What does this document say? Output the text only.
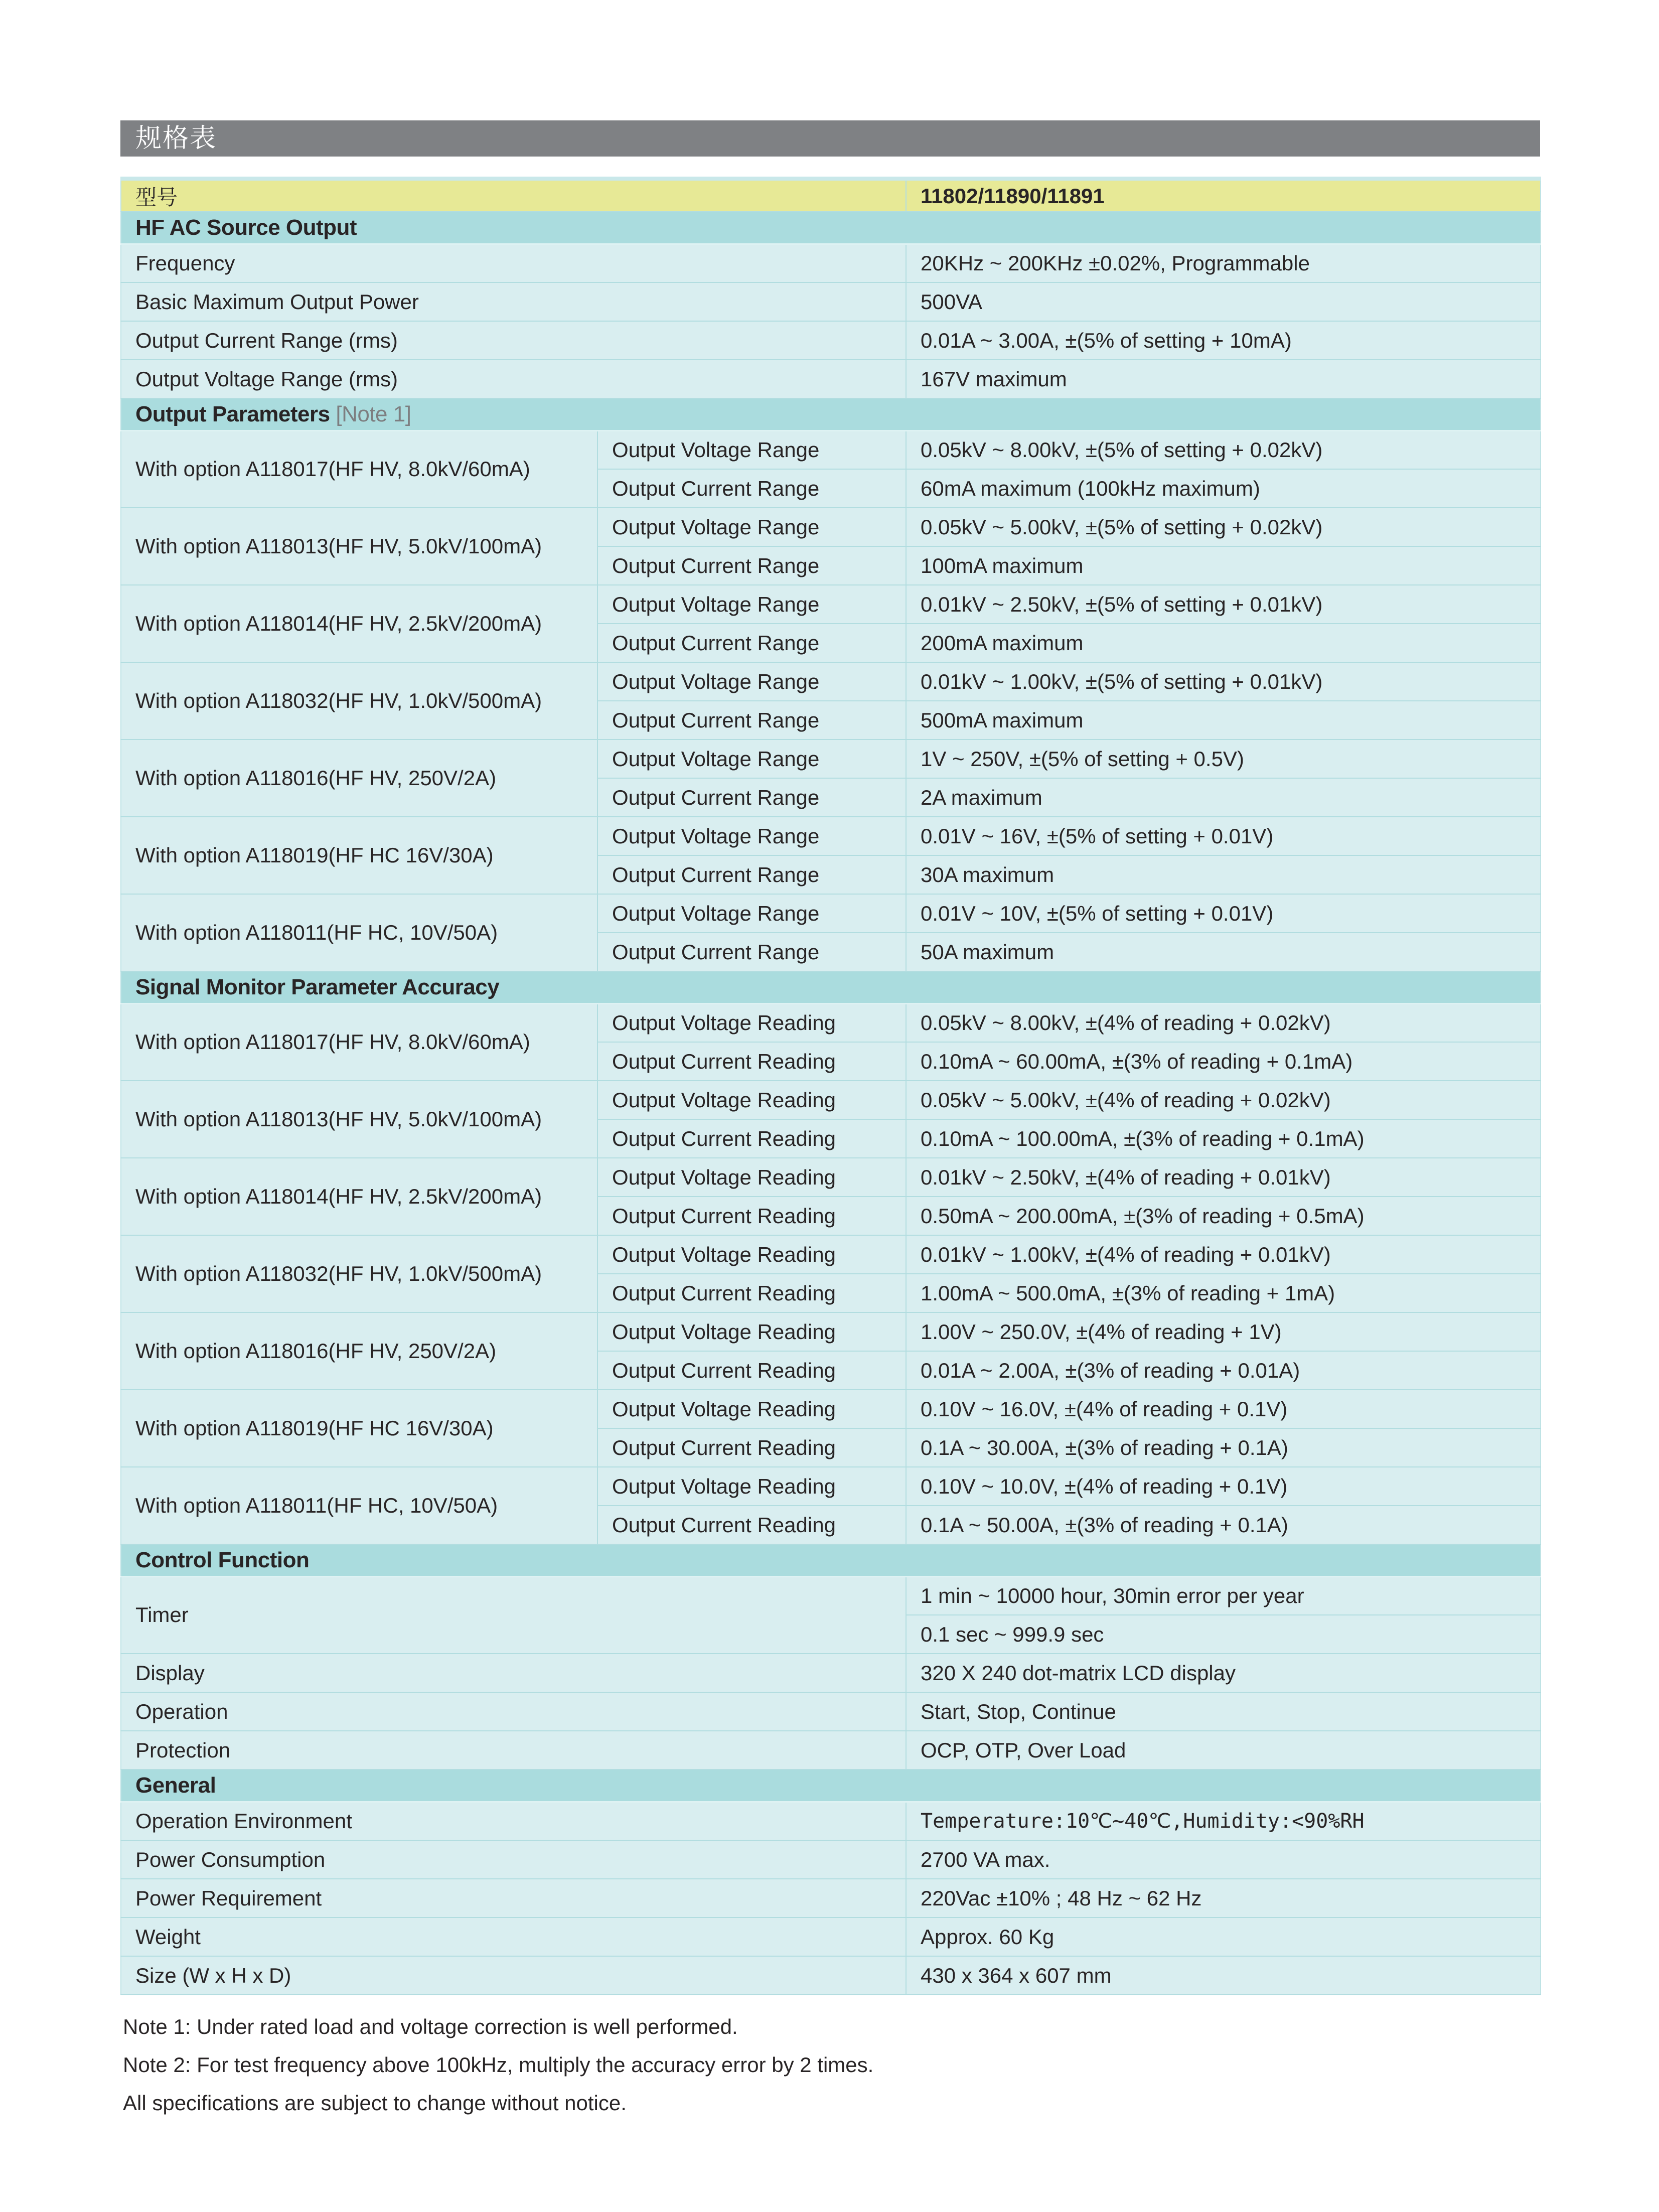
规格表
型号		11802/11890/11891
HF AC Source Output		
Frequency		20KHz ~ 200KHz ±0.02%, Programmable
Basic Maximum Output Power		500VA
Output Current Range (rms)		0.01A ~ 3.00A, ±(5% of setting + 10mA)
Output Voltage Range (rms)		167V maximum
Output Parameters [Note 1]		
With option A118017(HF HV, 8.0kV/60mA)	Output Voltage Range	0.05kV ~ 8.00kV, ±(5% of setting + 0.02kV)
	Output Current Range	60mA maximum (100kHz maximum)
With option A118013(HF HV, 5.0kV/100mA)	Output Voltage Range	0.05kV ~ 5.00kV, ±(5% of setting + 0.02kV)
	Output Current Range	100mA maximum
With option A118014(HF HV, 2.5kV/200mA)	Output Voltage Range	0.01kV ~ 2.50kV, ±(5% of setting + 0.01kV)
	Output Current Range	200mA maximum
With option A118032(HF HV, 1.0kV/500mA)	Output Voltage Range	0.01kV ~ 1.00kV, ±(5% of setting + 0.01kV)
	Output Current Range	500mA maximum
With option A118016(HF HV, 250V/2A)	Output Voltage Range	1V ~ 250V, ±(5% of setting + 0.5V)
	Output Current Range	2A maximum
With option A118019(HF HC 16V/30A)	Output Voltage Range	0.01V ~ 16V, ±(5% of setting + 0.01V)
	Output Current Range	30A maximum
With option A118011(HF HC, 10V/50A)	Output Voltage Range	0.01V ~ 10V, ±(5% of setting + 0.01V)
	Output Current Range	50A maximum
Signal Monitor Parameter Accuracy		
With option A118017(HF HV, 8.0kV/60mA)	Output Voltage Reading	0.05kV ~ 8.00kV, ±(4% of reading + 0.02kV)
	Output Current Reading	0.10mA ~ 60.00mA, ±(3% of reading + 0.1mA)
With option A118013(HF HV, 5.0kV/100mA)	Output Voltage Reading	0.05kV ~ 5.00kV, ±(4% of reading + 0.02kV)
	Output Current Reading	0.10mA ~ 100.00mA, ±(3% of reading + 0.1mA)
With option A118014(HF HV, 2.5kV/200mA)	Output Voltage Reading	0.01kV ~ 2.50kV, ±(4% of reading + 0.01kV)
	Output Current Reading	0.50mA ~ 200.00mA, ±(3% of reading + 0.5mA)
With option A118032(HF HV, 1.0kV/500mA)	Output Voltage Reading	0.01kV ~ 1.00kV, ±(4% of reading + 0.01kV)
	Output Current Reading	1.00mA ~ 500.0mA, ±(3% of reading + 1mA)
With option A118016(HF HV, 250V/2A)	Output Voltage Reading	1.00V ~ 250.0V, ±(4% of reading + 1V)
	Output Current Reading	0.01A ~ 2.00A, ±(3% of reading + 0.01A)
With option A118019(HF HC 16V/30A)	Output Voltage Reading	0.10V ~ 16.0V, ±(4% of reading + 0.1V)
	Output Current Reading	0.1A ~ 30.00A, ±(3% of reading + 0.1A)
With option A118011(HF HC, 10V/50A)	Output Voltage Reading	0.10V ~ 10.0V, ±(4% of reading + 0.1V)
	Output Current Reading	0.1A ~ 50.00A, ±(3% of reading + 0.1A)
Control Function		
Timer		1 min ~ 10000 hour, 30min error per year
		0.1 sec ~ 999.9 sec
Display		320 X 240 dot-matrix LCD display
Operation		Start, Stop, Continue
Protection		OCP, OTP, Over Load
General		
Operation Environment		Temperature:10℃~40℃,Humidity:<90%RH
Power Consumption		2700 VA max.
Power Requirement		220Vac ±10% ; 48 Hz ~ 62 Hz
Weight		Approx. 60 Kg
Size (W x H x D)		430 x 364 x 607 mm
Note 1: Under rated load and voltage correction is well performed.
Note 2: For test frequency above 100kHz, multiply the accuracy error by 2 times.
All specifications are subject to change without notice.
